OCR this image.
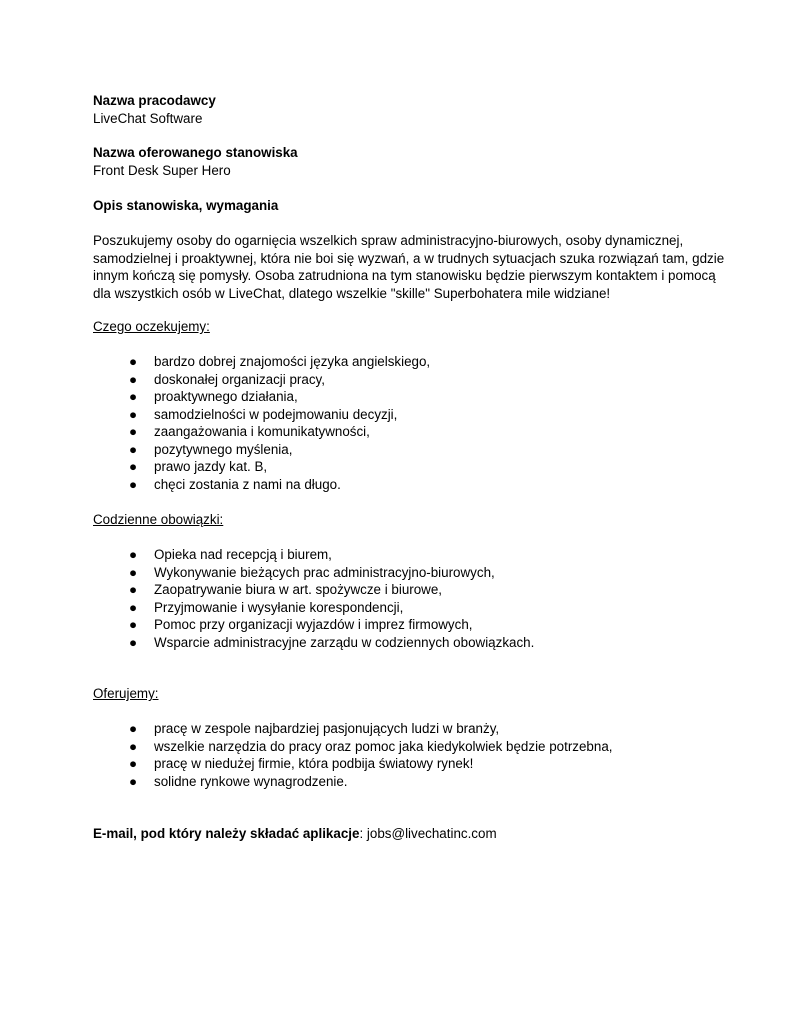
Nazwa pracodawcy
LiveChat Software
Nazwa oferowanego stanowiska
Front Desk Super Hero
Opis stanowiska, wymagania
Poszukujemy osoby do ogarnięcia wszelkich spraw administracyjno-biurowych, osoby dynamicznej,
samodzielnej i proaktywnej, która nie boi się wyzwań, a w trudnych sytuacjach szuka rozwiązań tam, gdzie
innym kończą się pomysły. Osoba zatrudniona na tym stanowisku będzie pierwszym kontaktem i pomocą
dla wszystkich osób w LiveChat, dlatego wszelkie "skille" Superbohatera mile widziane!
Czego oczekujemy:
● bardzo dobrej znajomości języka angielskiego,
● doskonałej organizacji pracy,
● proaktywnego działania,
● samodzielności w podejmowaniu decyzji,
● zaangażowania i komunikatywności,
● pozytywnego myślenia,
● prawo jazdy kat. B,
● chęci zostania z nami na długo.
Codzienne obowiązki:
● Opieka nad recepcją i biurem,
● Wykonywanie bieżących prac administracyjno-biurowych,
● Zaopatrywanie biura w art. spożywcze i biurowe,
● Przyjmowanie i wysyłanie korespondencji,
● Pomoc przy organizacji wyjazdów i imprez firmowych,
● Wsparcie administracyjne zarządu w codziennych obowiązkach.
Oferujemy:
● pracę w zespole najbardziej pasjonujących ludzi w branży,
● wszelkie narzędzia do pracy oraz pomoc jaka kiedykolwiek będzie potrzebna,
● pracę w niedużej firmie, która podbija światowy rynek!
● solidne rynkowe wynagrodzenie.
E-mail, pod który należy składać aplikacje: jobs@livechatinc.com
